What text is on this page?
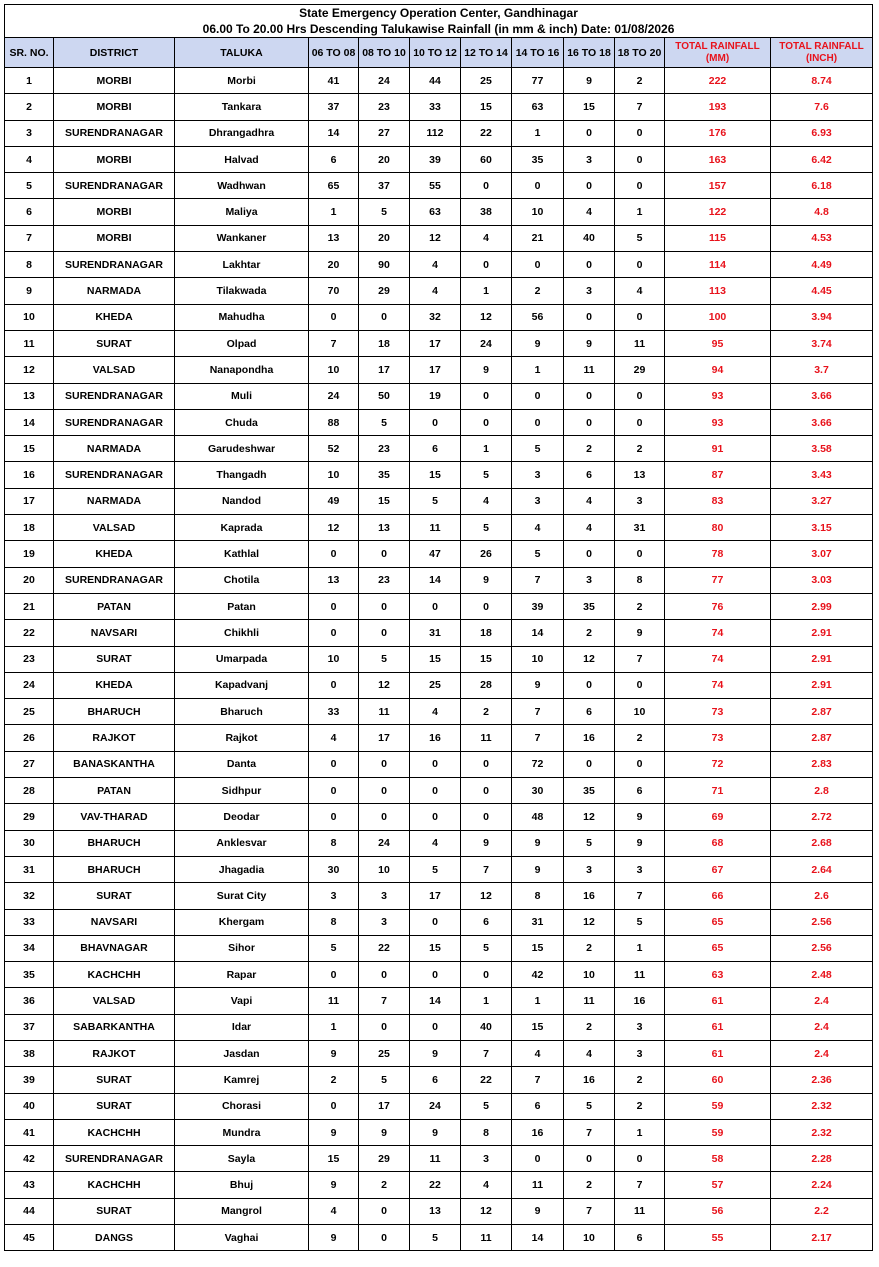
State Emergency Operation Center, Gandhinagar
06.00 To 20.00 Hrs Descending Talukawise Rainfall (in mm & inch) Date: 01/08/2026											

SR. NO.	DISTRICT	TALUKA	06 TO 08	08 TO 10	10 TO 12	12 TO 14	14 TO 16	16 TO 18	18 TO 20	TOTAL RAINFALL (MM)	TOTAL RAINFALL (INCH)
1	MORBI	Morbi	41	24	44	25	77	9	2	222	8.74
2	MORBI	Tankara	37	23	33	15	63	15	7	193	7.6
3	SURENDRANAGAR	Dhrangadhra	14	27	112	22	1	0	0	176	6.93
4	MORBI	Halvad	6	20	39	60	35	3	0	163	6.42
5	SURENDRANAGAR	Wadhwan	65	37	55	0	0	0	0	157	6.18
6	MORBI	Maliya	1	5	63	38	10	4	1	122	4.8
7	MORBI	Wankaner	13	20	12	4	21	40	5	115	4.53
8	SURENDRANAGAR	Lakhtar	20	90	4	0	0	0	0	114	4.49
9	NARMADA	Tilakwada	70	29	4	1	2	3	4	113	4.45
10	KHEDA	Mahudha	0	0	32	12	56	0	0	100	3.94
11	SURAT	Olpad	7	18	17	24	9	9	11	95	3.74
12	VALSAD	Nanapondha	10	17	17	9	1	11	29	94	3.7
13	SURENDRANAGAR	Muli	24	50	19	0	0	0	0	93	3.66
14	SURENDRANAGAR	Chuda	88	5	0	0	0	0	0	93	3.66
15	NARMADA	Garudeshwar	52	23	6	1	5	2	2	91	3.58
16	SURENDRANAGAR	Thangadh	10	35	15	5	3	6	13	87	3.43
17	NARMADA	Nandod	49	15	5	4	3	4	3	83	3.27
18	VALSAD	Kaprada	12	13	11	5	4	4	31	80	3.15
19	KHEDA	Kathlal	0	0	47	26	5	0	0	78	3.07
20	SURENDRANAGAR	Chotila	13	23	14	9	7	3	8	77	3.03
21	PATAN	Patan	0	0	0	0	39	35	2	76	2.99
22	NAVSARI	Chikhli	0	0	31	18	14	2	9	74	2.91
23	SURAT	Umarpada	10	5	15	15	10	12	7	74	2.91
24	KHEDA	Kapadvanj	0	12	25	28	9	0	0	74	2.91
25	BHARUCH	Bharuch	33	11	4	2	7	6	10	73	2.87
26	RAJKOT	Rajkot	4	17	16	11	7	16	2	73	2.87
27	BANASKANTHA	Danta	0	0	0	0	72	0	0	72	2.83
28	PATAN	Sidhpur	0	0	0	0	30	35	6	71	2.8
29	VAV-THARAD	Deodar	0	0	0	0	48	12	9	69	2.72
30	BHARUCH	Anklesvar	8	24	4	9	9	5	9	68	2.68
31	BHARUCH	Jhagadia	30	10	5	7	9	3	3	67	2.64
32	SURAT	Surat City	3	3	17	12	8	16	7	66	2.6
33	NAVSARI	Khergam	8	3	0	6	31	12	5	65	2.56
34	BHAVNAGAR	Sihor	5	22	15	5	15	2	1	65	2.56
35	KACHCHH	Rapar	0	0	0	0	42	10	11	63	2.48
36	VALSAD	Vapi	11	7	14	1	1	11	16	61	2.4
37	SABARKANTHA	Idar	1	0	0	40	15	2	3	61	2.4
38	RAJKOT	Jasdan	9	25	9	7	4	4	3	61	2.4
39	SURAT	Kamrej	2	5	6	22	7	16	2	60	2.36
40	SURAT	Chorasi	0	17	24	5	6	5	2	59	2.32
41	KACHCHH	Mundra	9	9	9	8	16	7	1	59	2.32
42	SURENDRANAGAR	Sayla	15	29	11	3	0	0	0	58	2.28
43	KACHCHH	Bhuj	9	2	22	4	11	2	7	57	2.24
44	SURAT	Mangrol	4	0	13	12	9	7	11	56	2.2
45	DANGS	Vaghai	9	0	5	11	14	10	6	55	2.17
